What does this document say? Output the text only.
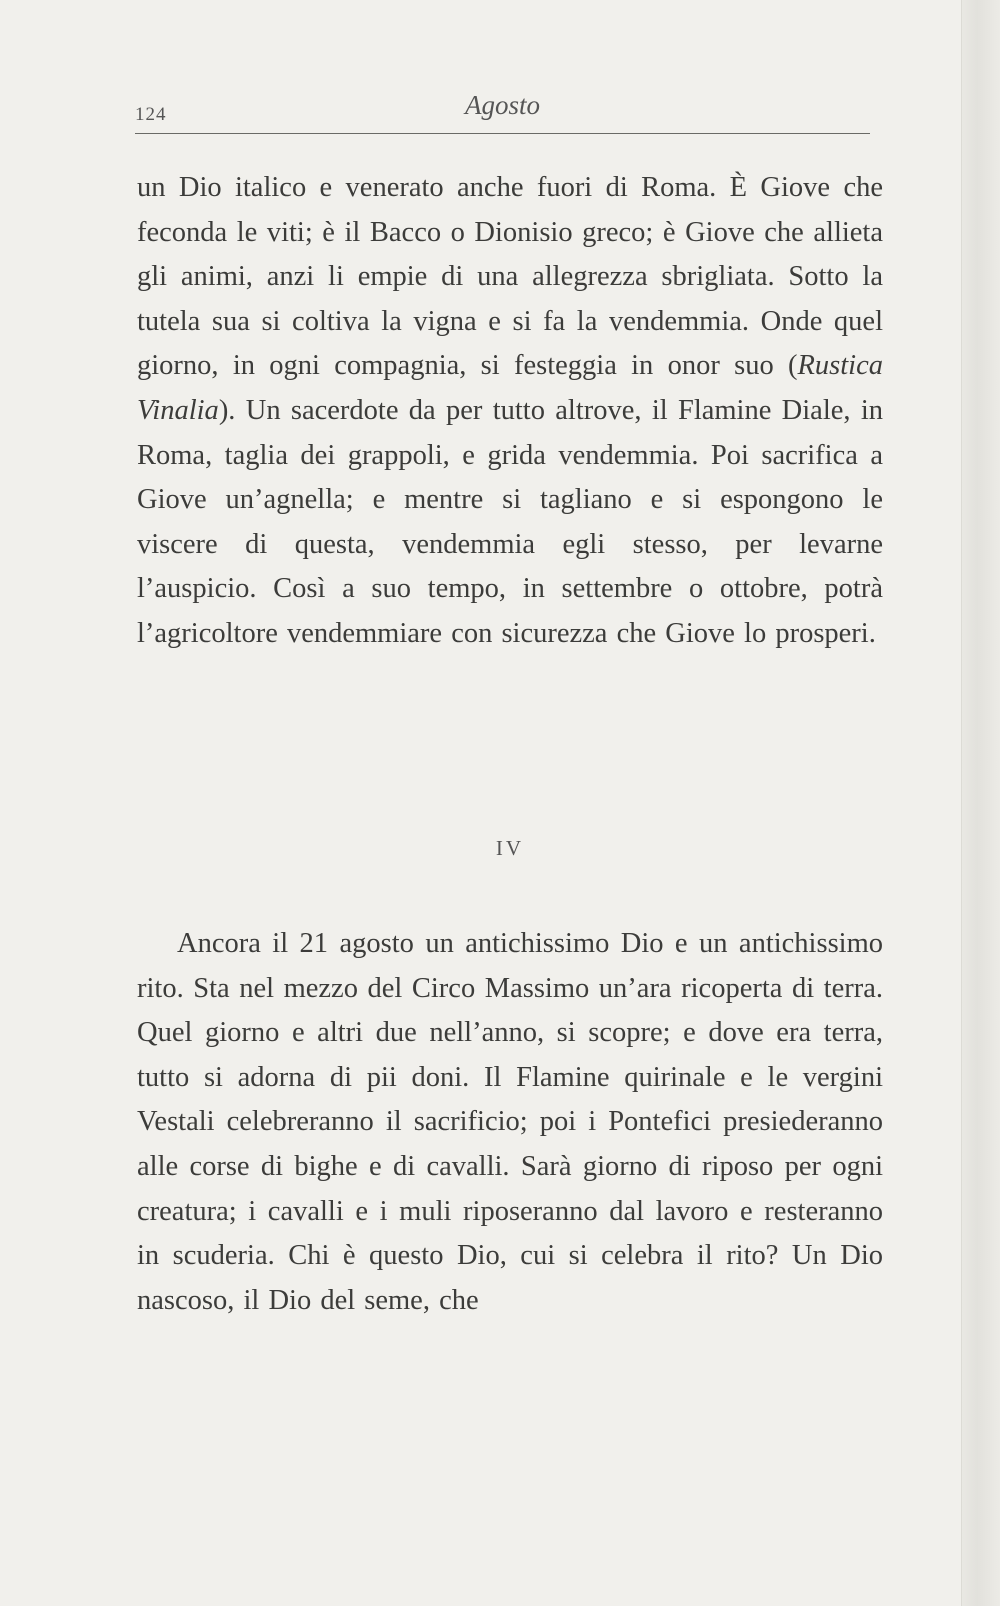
124	Agosto

un Dio italico e venerato anche fuori di Roma. È Giove che feconda le viti; è il Bacco o Dionisio greco; è Giove che allieta gli animi, anzi li empie di una allegrezza sbrigliata. Sotto la tutela sua si coltiva la vigna e si fa la vendemmia. Onde quel giorno, in ogni compagnia, si festeggia in onor suo (Rustica Vinalia). Un sacerdote da per tutto altrove, il Flamine Diale, in Roma, taglia dei grappoli, e grida vendemmia. Poi sacrifica a Giove un’agnella; e mentre si tagliano e si espongono le viscere di questa, vendemmia egli stesso, per levarne l’auspicio. Così a suo tempo, in settembre o ottobre, potrà l’agricoltore vendemmiare con sicurezza che Giove lo prosperi.

IV

Ancora il 21 agosto un antichissimo Dio e un antichissimo rito. Sta nel mezzo del Circo Massimo un’ara ricoperta di terra. Quel giorno e altri due nell’anno, si scopre; e dove era terra, tutto si adorna di pii doni. Il Flamine quirinale e le vergini Vestali celebreranno il sacrificio; poi i Pontefici presiederanno alle corse di bighe e di cavalli. Sarà giorno di riposo per ogni creatura; i cavalli e i muli riposeranno dal lavoro e resteranno in scuderia. Chi è questo Dio, cui si celebra il rito? Un Dio nascoso, il Dio del seme, che
